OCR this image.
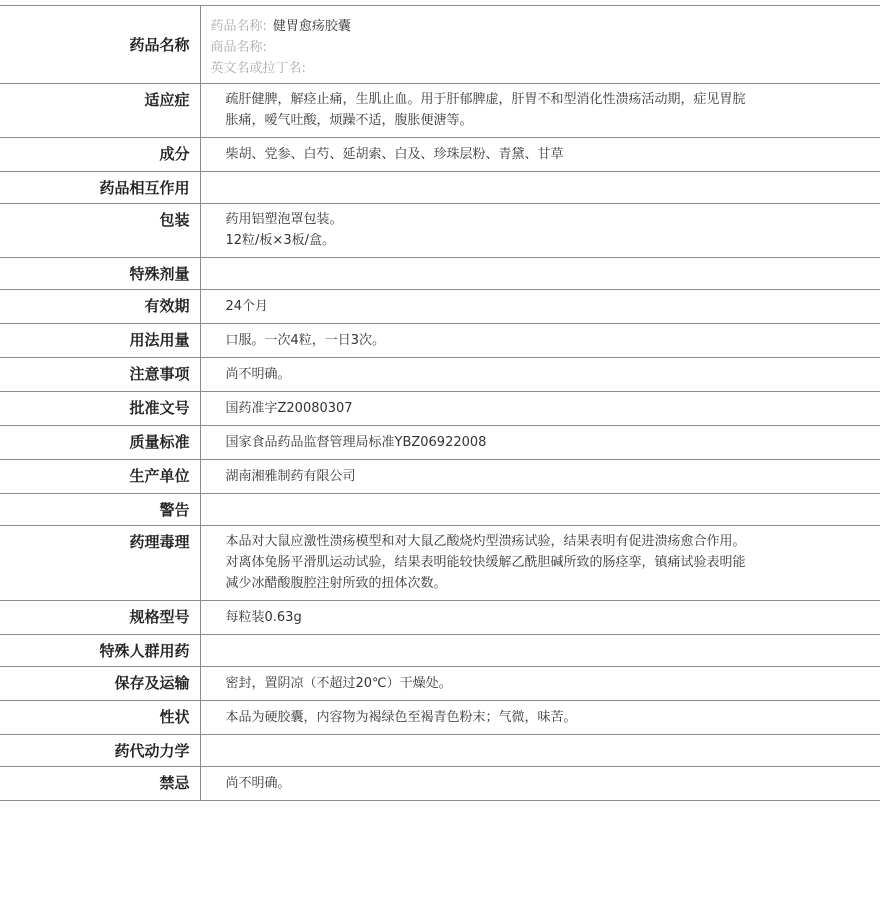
药品名称	药品名称: 健胃愈疡胶囊
商品名称:
英文名或拉丁名:

适应症	疏肝健脾，解痉止痛，生肌止血。用于肝郁脾虚，肝胃不和型消化性溃疡活动期，症见胃脘
胀痛，嗳气吐酸，烦躁不适，腹胀便溏等。

成分	柴胡、党参、白芍、延胡索、白及、珍珠层粉、青黛、甘草

药品相互作用	
包装	药用铝塑泡罩包装。
12粒/板×3板/盒。

特殊剂量	
有效期	24个月

用法用量	口服。一次4粒，一日3次。

注意事项	尚不明确。

批准文号	国药准字Z20080307

质量标准	国家食品药品监督管理局标准YBZ06922008

生产单位	湖南湘雅制药有限公司

警告	
药理毒理	本品对大鼠应激性溃疡模型和对大鼠乙酸烧灼型溃疡试验，结果表明有促进溃疡愈合作用。
对离体兔肠平滑肌运动试验，结果表明能较快缓解乙酰胆碱所致的肠痉挛，镇痛试验表明能
减少冰醋酸腹腔注射所致的扭体次数。

规格型号	每粒装0.63g

特殊人群用药	
保存及运输	密封，置阴凉（不超过20℃）干燥处。

性状	本品为硬胶囊，内容物为褐绿色至褐青色粉末；气微，味苦。

药代动力学	
禁忌	尚不明确。
